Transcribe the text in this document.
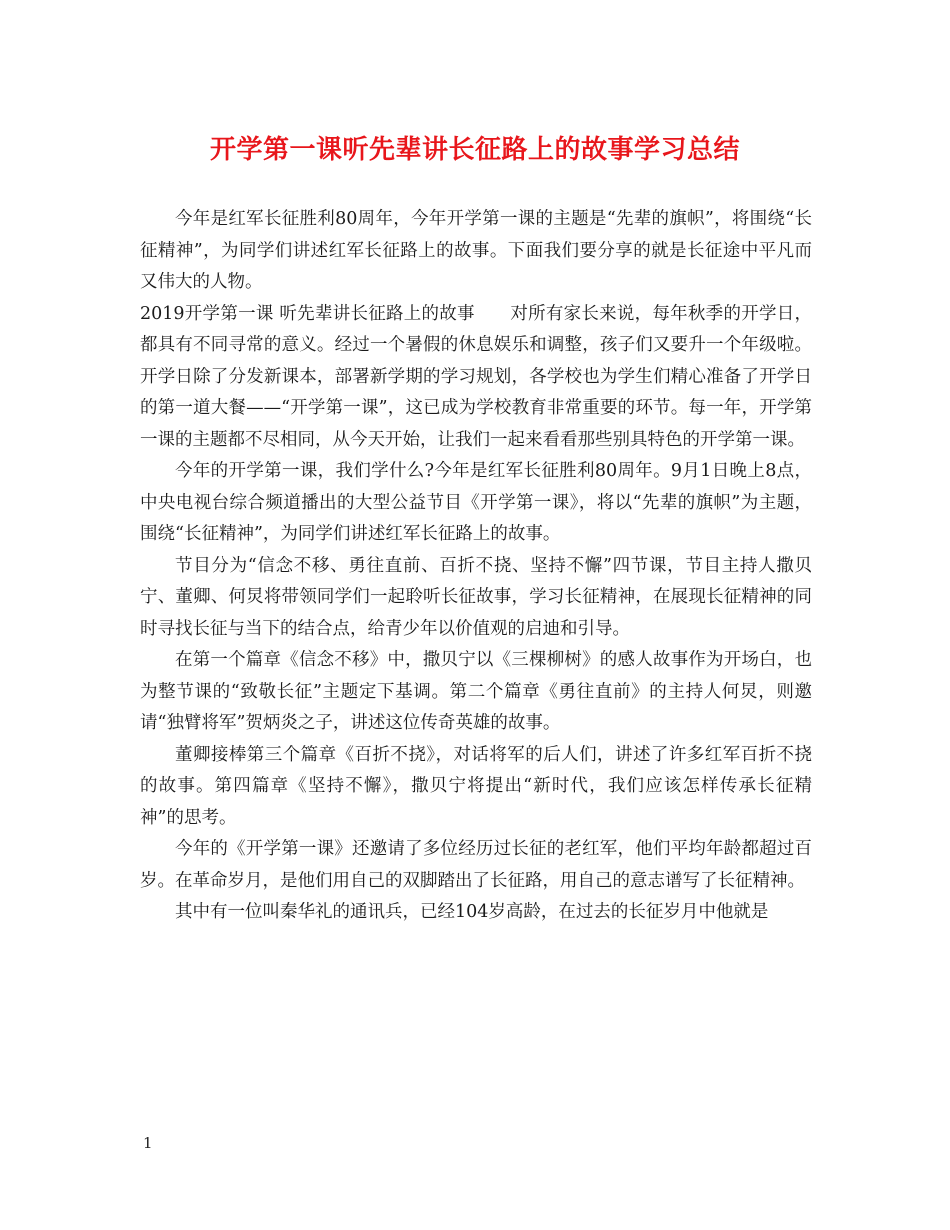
开学第一课听先辈讲长征路上的故事学习总结

今年是红军长征胜利80周年，今年开学第一课的主题是“先辈的旗帜”，将围绕“长征精神”，为同学们讲述红军长征路上的故事。下面我们要分享的就是长征途中平凡而又伟大的人物。

2019开学第一课 听先辈讲长征路上的故事　　对所有家长来说，每年秋季的开学日，都具有不同寻常的意义。经过一个暑假的休息娱乐和调整，孩子们又要升一个年级啦。开学日除了分发新课本，部署新学期的学习规划，各学校也为学生们精心准备了开学日的第一道大餐——“开学第一课”，这已成为学校教育非常重要的环节。每一年，开学第一课的主题都不尽相同，从今天开始，让我们一起来看看那些别具特色的开学第一课。

今年的开学第一课，我们学什么?今年是红军长征胜利80周年。9月1日晚上8点，中央电视台综合频道播出的大型公益节目《开学第一课》，将以“先辈的旗帜”为主题，围绕“长征精神”，为同学们讲述红军长征路上的故事。

节目分为“信念不移、勇往直前、百折不挠、坚持不懈”四节课，节目主持人撒贝宁、董卿、何炅将带领同学们一起聆听长征故事，学习长征精神，在展现长征精神的同时寻找长征与当下的结合点，给青少年以价值观的启迪和引导。

在第一个篇章《信念不移》中，撒贝宁以《三棵柳树》的感人故事作为开场白，也为整节课的“致敬长征”主题定下基调。第二个篇章《勇往直前》的主持人何炅，则邀请“独臂将军”贺炳炎之子，讲述这位传奇英雄的故事。

董卿接棒第三个篇章《百折不挠》，对话将军的后人们，讲述了许多红军百折不挠的故事。第四篇章《坚持不懈》，撒贝宁将提出“新时代，我们应该怎样传承长征精神”的思考。

今年的《开学第一课》还邀请了多位经历过长征的老红军，他们平均年龄都超过百岁。在革命岁月，是他们用自己的双脚踏出了长征路，用自己的意志谱写了长征精神。

其中有一位叫秦华礼的通讯兵，已经104岁高龄，在过去的长征岁月中他就是

1
